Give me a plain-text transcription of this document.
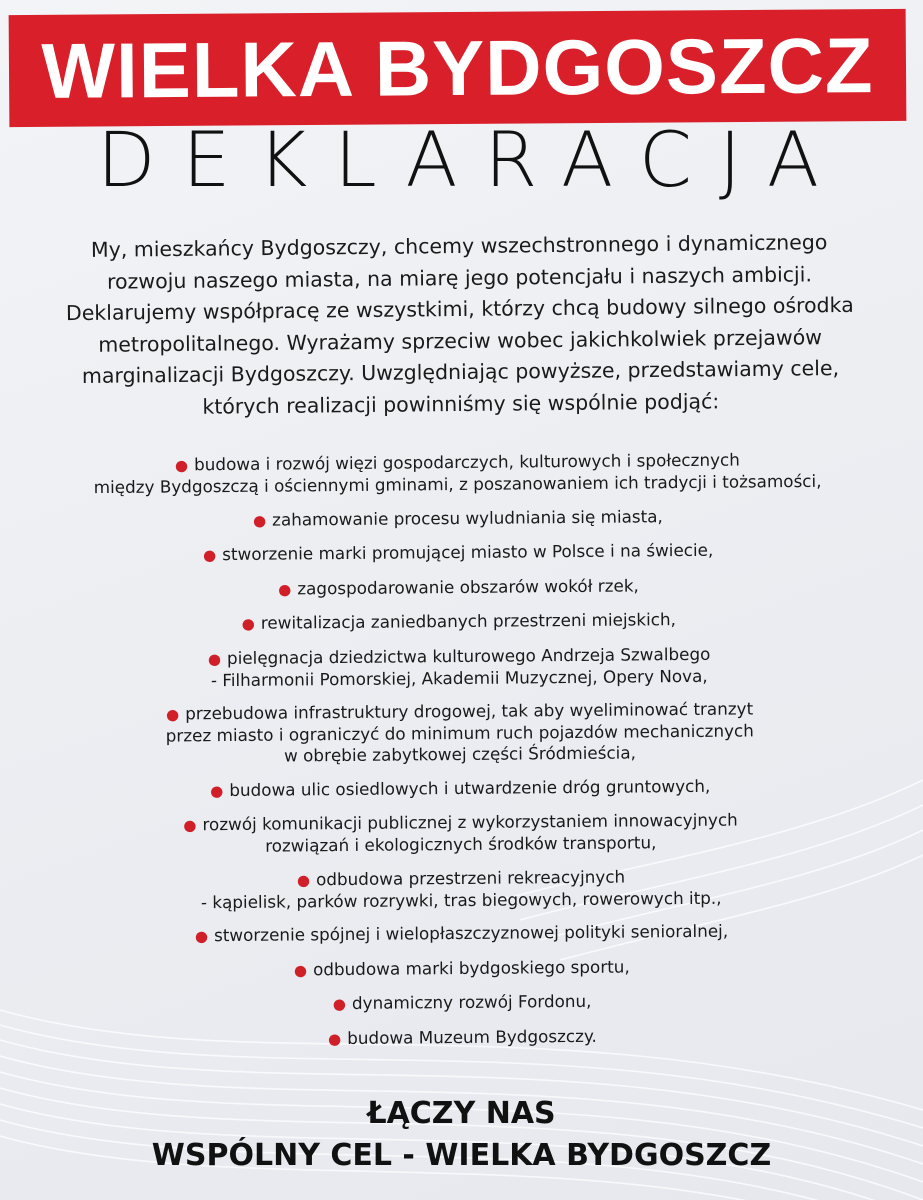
WIELKA BYDGOSZCZ
DEKLARACJA
My, mieszkańcy Bydgoszczy, chcemy wszechstronnego i dynamicznego
rozwoju naszego miasta, na miarę jego potencjału i naszych ambicji.
Deklarujemy współpracę ze wszystkimi, którzy chcą budowy silnego ośrodka
metropolitalnego. Wyrażamy sprzeciw wobec jakichkolwiek przejawów
marginalizacji Bydgoszczy. Uwzględniając powyższe, przedstawiamy cele,
których realizacji powinniśmy się wspólnie podjąć:
● budowa i rozwój więzi gospodarczych, kulturowych i społecznych
między Bydgoszczą i ościennymi gminami, z poszanowaniem ich tradycji i tożsamości,
● zahamowanie procesu wyludniania się miasta,
● stworzenie marki promującej miasto w Polsce i na świecie,
● zagospodarowanie obszarów wokół rzek,
● rewitalizacja zaniedbanych przestrzeni miejskich,
● pielęgnacja dziedzictwa kulturowego Andrzeja Szwalbego
- Filharmonii Pomorskiej, Akademii Muzycznej, Opery Nova,
● przebudowa infrastruktury drogowej, tak aby wyeliminować tranzyt
przez miasto i ograniczyć do minimum ruch pojazdów mechanicznych
w obrębie zabytkowej części Śródmieścia,
● budowa ulic osiedlowych i utwardzenie dróg gruntowych,
● rozwój komunikacji publicznej z wykorzystaniem innowacyjnych
rozwiązań i ekologicznych środków transportu,
● odbudowa przestrzeni rekreacyjnych
- kąpielisk, parków rozrywki, tras biegowych, rowerowych itp.,
● stworzenie spójnej i wielopłaszczyznowej polityki senioralnej,
● odbudowa marki bydgoskiego sportu,
● dynamiczny rozwój Fordonu,
● budowa Muzeum Bydgoszczy.
ŁĄCZY NAS
WSPÓLNY CEL - WIELKA BYDGOSZCZ
